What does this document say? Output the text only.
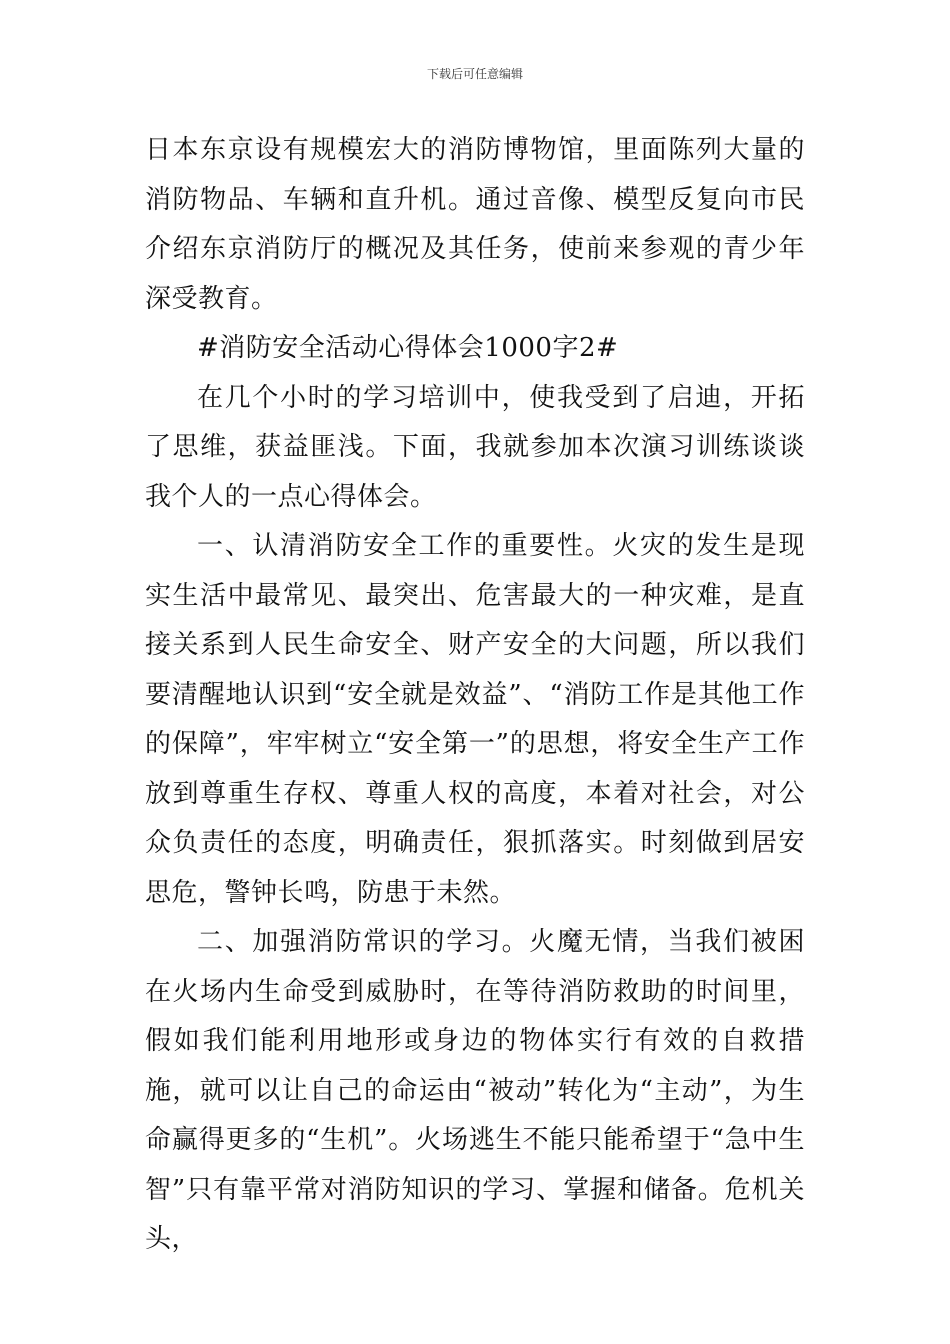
下载后可任意编辑

日本东京设有规模宏大的消防博物馆，里面陈列大量的消防物品、车辆和直升机。通过音像、模型反复向市民介绍东京消防厅的概况及其任务，使前来参观的青少年深受教育。

#消防安全活动心得体会1000字2#

在几个小时的学习培训中，使我受到了启迪，开拓了思维，获益匪浅。下面，我就参加本次演习训练谈谈我个人的一点心得体会。

一、认清消防安全工作的重要性。火灾的发生是现实生活中最常见、最突出、危害最大的一种灾难，是直接关系到人民生命安全、财产安全的大问题，所以我们要清醒地认识到“安全就是效益”、“消防工作是其他工作的保障”，牢牢树立“安全第一”的思想，将安全生产工作放到尊重生存权、尊重人权的高度，本着对社会，对公众负责任的态度，明确责任，狠抓落实。时刻做到居安思危，警钟长鸣，防患于未然。

二、加强消防常识的学习。火魔无情，当我们被困在火场内生命受到威胁时，在等待消防救助的时间里，假如我们能利用地形或身边的物体实行有效的自救措施，就可以让自己的命运由“被动”转化为“主动”，为生命赢得更多的“生机”。火场逃生不能只能希望于“急中生智”只有靠平常对消防知识的学习、掌握和储备。危机关头，
